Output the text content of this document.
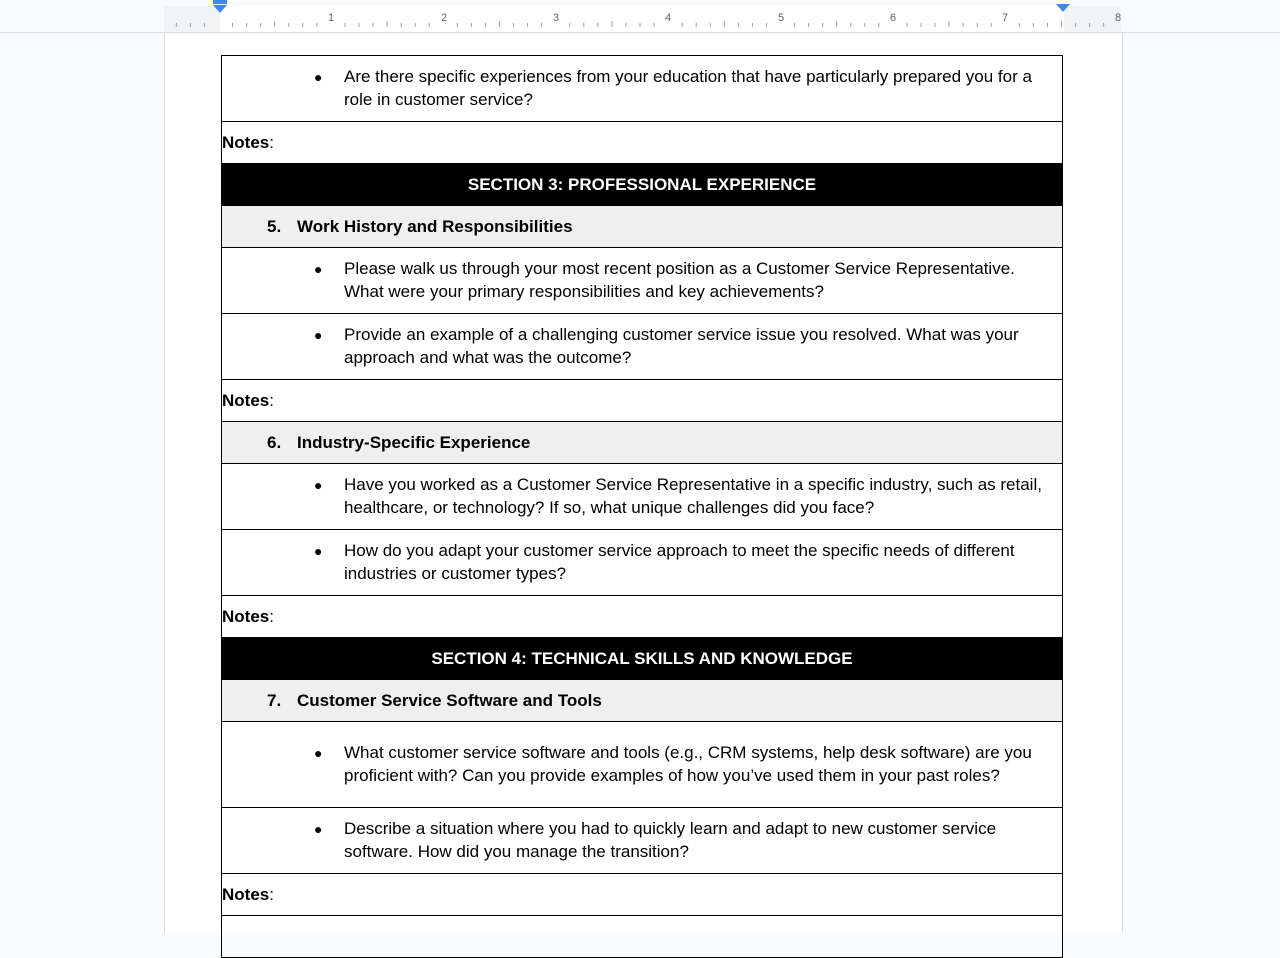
1	2	3	4	5	6	7	8
●	Are there specific experiences from your education that have particularly prepared you for a role in customer service?

Notes:
SECTION 3: PROFESSIONAL EXPERIENCE

5. Work History and Responsibilities

●	Please walk us through your most recent position as a Customer Service Representative. What were your primary responsibilities and key achievements?

●	Provide an example of a challenging customer service issue you resolved. What was your approach and what was the outcome?

Notes:

6. Industry-Specific Experience

●	Have you worked as a Customer Service Representative in a specific industry, such as retail, healthcare, or technology? If so, what unique challenges did you face?

●	How do you adapt your customer service approach to meet the specific needs of different industries or customer types?

Notes:
SECTION 4: TECHNICAL SKILLS AND KNOWLEDGE

7. Customer Service Software and Tools

●	What customer service software and tools (e.g., CRM systems, help desk software) are you proficient with? Can you provide examples of how you’ve used them in your past roles?

●	Describe a situation where you had to quickly learn and adapt to new customer service software. How did you manage the transition?

Notes:
